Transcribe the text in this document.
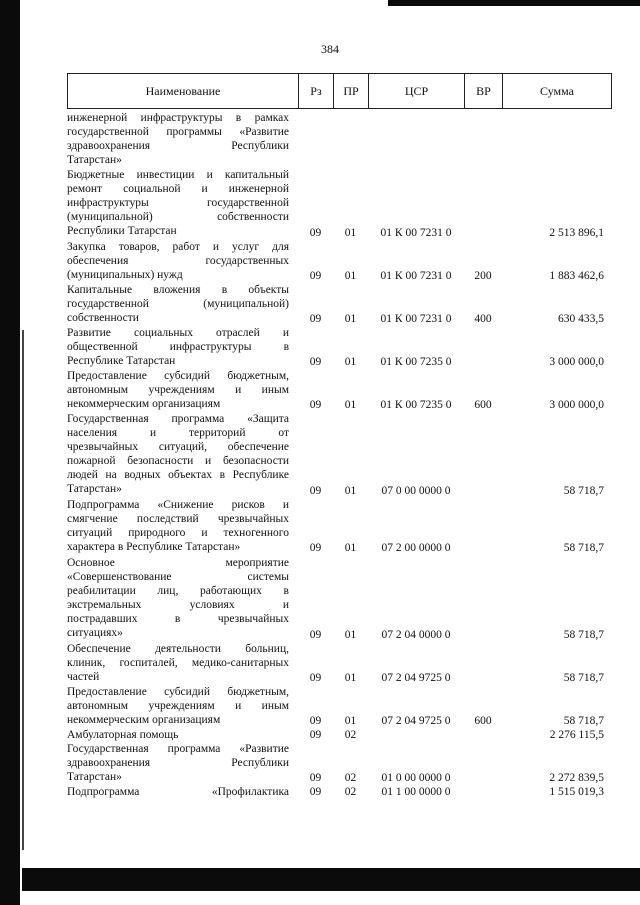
384
Наименование	Рз	ПР	ЦСР	ВР	Сумма
инженерной инфраструктуры в рамках
государственной программы «Развитие
здравоохранения Республики
Татарстан»
Бюджетные инвестиции и капитальный
ремонт социальной и инженерной
инфраструктуры государственной
(муниципальной) собственности
Республики Татарстан	09	01	01 К 00 7231 0	2 513 896,1
Закупка товаров, работ и услуг для
обеспечения государственных
(муниципальных) нужд	09	01	01 К 00 7231 0	200	1 883 462,6
Капитальные вложения в объекты
государственной (муниципальной)
собственности	09	01	01 К 00 7231 0	400	630 433,5
Развитие социальных отраслей и
общественной инфраструктуры в
Республике Татарстан	09	01	01 К 00 7235 0	3 000 000,0
Предоставление субсидий бюджетным,
автономным учреждениям и иным
некоммерческим организациям	09	01	01 К 00 7235 0	600	3 000 000,0
Государственная программа «Защита
населения и территорий от
чрезвычайных ситуаций, обеспечение
пожарной безопасности и безопасности
людей на водных объектах в Республике
Татарстан»	09	01	07 0 00 0000 0	58 718,7
Подпрограмма «Снижение рисков и
смягчение последствий чрезвычайных
ситуаций природного и техногенного
характера в Республике Татарстан»	09	01	07 2 00 0000 0	58 718,7
Основное мероприятие
«Совершенствование системы
реабилитации лиц, работающих в
экстремальных условиях и
пострадавших в чрезвычайных
ситуациях»	09	01	07 2 04 0000 0	58 718,7
Обеспечение деятельности больниц,
клиник, госпиталей, медико-санитарных
частей	09	01	07 2 04 9725 0	58 718,7
Предоставление субсидий бюджетным,
автономным учреждениям и иным
некоммерческим организациям	09	01	07 2 04 9725 0	600	58 718,7
Амбулаторная помощь	09	02	2 276 115,5
Государственная программа «Развитие
здравоохранения Республики
Татарстан»	09	02	01 0 00 0000 0	2 272 839,5
Подпрограмма «Профилактика	09	02	01 1 00 0000 0	1 515 019,3
